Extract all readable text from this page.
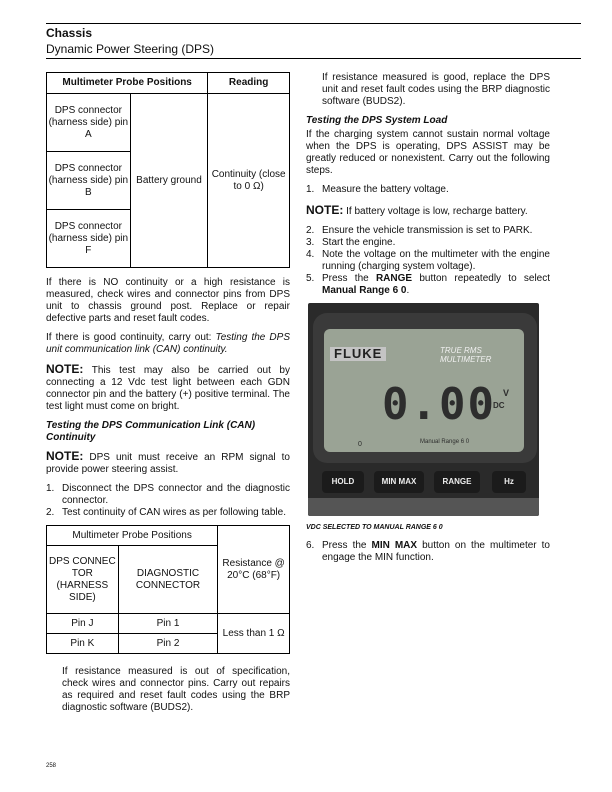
Chassis
Dynamic Power Steering (DPS)
Multimeter Probe Positions		Reading
DPS connector (harness side) pin A	Battery ground	Continuity (close to 0 Ω)
DPS connector (harness side) pin B		
DPS connector (harness side) pin F		

If there is NO continuity or a high resistance is measured, check wires and connector pins from DPS unit to chassis ground post. Replace or repair defective parts and reset fault codes.

If there is good continuity, carry out: Testing the DPS unit communication link (CAN) continuity.

NOTE: This test may also be carried out by connecting a 12 Vdc test light between each GDN connector pin and the battery (+) positive terminal. The test light must come on bright.

Testing the DPS Communication Link (CAN) Continuity

NOTE: DPS unit must receive an RPM signal to provide power steering assist.

1. Disconnect the DPS connector and the diagnostic connector.
2. Test continuity of CAN wires as per following table.
Multimeter Probe Positions		Resistance @ 20°C (68°F)
DPS CONNEC TOR (HARNESS SIDE)	DIAGNOSTIC CONNECTOR	
Pin J	Pin 1	Less than 1 Ω
Pin K	Pin 2	

If resistance measured is out of specification, check wires and connector pins. Carry out repairs as required and reset fault codes using the BRP diagnostic software (BUDS2).

If resistance measured is good, replace the DPS unit and reset fault codes using the BRP diagnostic software (BUDS2).

Testing the DPS System Load

If the charging system cannot sustain normal voltage when the DPS is operating, DPS ASSIST may be greatly reduced or nonexistent. Carry out the following steps.

1. Measure the battery voltage.

NOTE: If battery voltage is low, recharge battery.

2. Ensure the vehicle transmission is set to PARK.
3. Start the engine.
4. Note the voltage on the multimeter with the engine running (charging system voltage).
5. Press the RANGE button repeatedly to select Manual Range 6 0.
FLUKE	TRUE RMS
MULTIMETER
0.00 V
DC
0	Manual Range 6 0
HOLD	MIN MAX	RANGE	Hz
VDC SELECTED TO MANUAL RANGE 6 0
6. Press the MIN MAX button on the multimeter to engage the MIN function.
258
